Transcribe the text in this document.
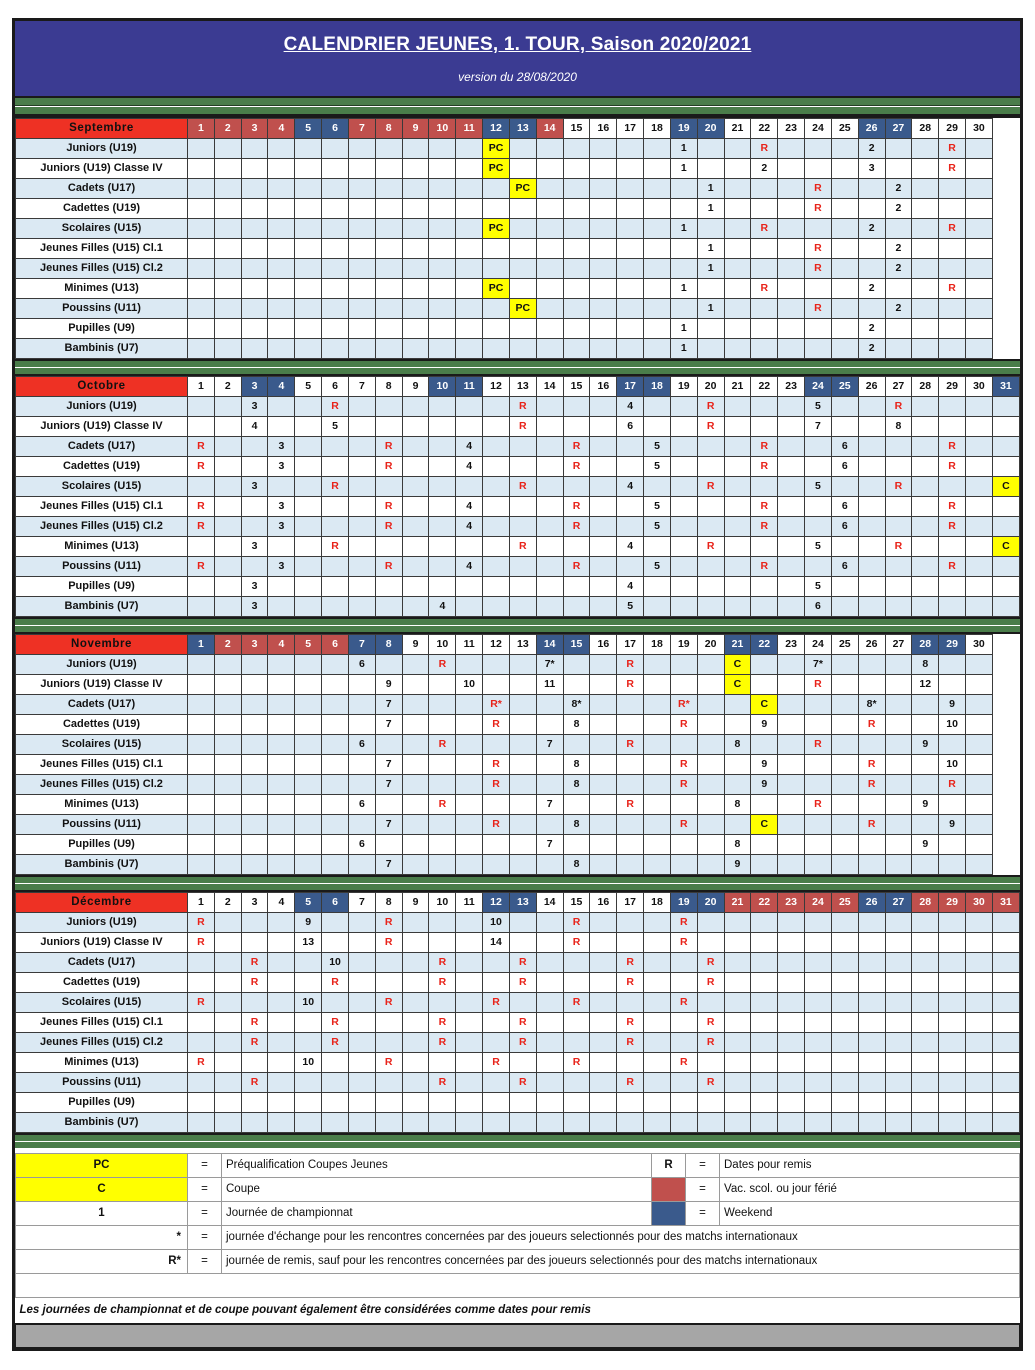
CALENDRIER JEUNES, 1. TOUR, Saison 2020/2021
version du 28/08/2020
Septembre	1	2	3	4	5	6	7	8	9	10	11	12	13	14	15	16	17	18	19	20	21	22	23	24	25	26	27	28	29	30	
Juniors (U19)												PC							1			R				2			R		
Juniors (U19) Classe IV												PC							1			2				3			R		
Cadets (U17)													PC							1				R			2				
Cadettes (U19)																				1				R			2				
Scolaires (U15)												PC							1			R				2			R		
Jeunes Filles (U15) Cl.1																				1				R			2				
Jeunes Filles (U15) Cl.2																				1				R			2				
Minimes (U13)												PC							1			R				2			R		
Poussins (U11)													PC							1				R			2				
Pupilles (U9)																			1							2					
Bambinis (U7)																			1							2					
Octobre	1	2	3	4	5	6	7	8	9	10	11	12	13	14	15	16	17	18	19	20	21	22	23	24	25	26	27	28	29	30	31
Juniors (U19)			3			R							R				4			R				5			R				
Juniors (U19) Classe IV			4			5							R				6			R				7			8				
Cadets (U17)	R			3				R			4				R			5				R			6				R		
Cadettes (U19)	R			3				R			4				R			5				R			6				R		
Scolaires (U15)			3			R							R				4			R				5			R				C
Jeunes Filles (U15) Cl.1	R			3				R			4				R			5				R			6				R		
Jeunes Filles (U15) Cl.2	R			3				R			4				R			5				R			6				R		
Minimes (U13)			3			R							R				4			R				5			R				C
Poussins (U11)	R			3				R			4				R			5				R			6				R		
Pupilles (U9)			3														4							5							
Bambinis (U7)			3							4							5							6							
Novembre	1	2	3	4	5	6	7	8	9	10	11	12	13	14	15	16	17	18	19	20	21	22	23	24	25	26	27	28	29	30	
Juniors (U19)							6			R				7*			R				C			7*				8			
Juniors (U19) Classe IV								9			10			11			R				C			R				12			
Cadets (U17)								7				R*			8*				R*			C				8*			9		
Cadettes (U19)								7				R			8				R			9				R			10		
Scolaires (U15)							6			R				7			R				8			R				9			
Jeunes Filles (U15) Cl.1								7				R			8				R			9				R			10		
Jeunes Filles (U15) Cl.2								7				R			8				R			9				R			R		
Minimes (U13)							6			R				7			R				8			R				9			
Poussins (U11)								7				R			8				R			C				R			9		
Pupilles (U9)							6							7							8							9			
Bambinis (U7)								7							8						9										
Décembre	1	2	3	4	5	6	7	8	9	10	11	12	13	14	15	16	17	18	19	20	21	22	23	24	25	26	27	28	29	30	31
Juniors (U19)	R				9			R				10			R				R												
Juniors (U19) Classe IV	R				13			R				14			R				R												
Cadets (U17)			R			10				R			R				R			R											
Cadettes (U19)			R			R				R			R				R			R											
Scolaires (U15)	R				10			R				R			R				R												
Jeunes Filles (U15) Cl.1			R			R				R			R				R			R											
Jeunes Filles (U15) Cl.2			R			R				R			R				R			R											
Minimes (U13)	R				10			R				R			R				R												
Poussins (U11)			R							R			R				R			R											
Pupilles (U9)																															
Bambinis (U7)																															
PC	=	Préqualification Coupes Jeunes	R	=	Dates pour remis
C	=	Coupe		=	Vac. scol. ou jour férié
1	=	Journée de championnat		=	Weekend
*	=	journée d'échange pour les rencontres concernées par des joueurs selectionnés pour des matchs internationaux			
R*	=	journée de remis, sauf pour les rencontres concernées par des joueurs selectionnés pour des matchs internationaux			

Les journées de championnat et de coupe pouvant également être considérées comme dates pour remis					
